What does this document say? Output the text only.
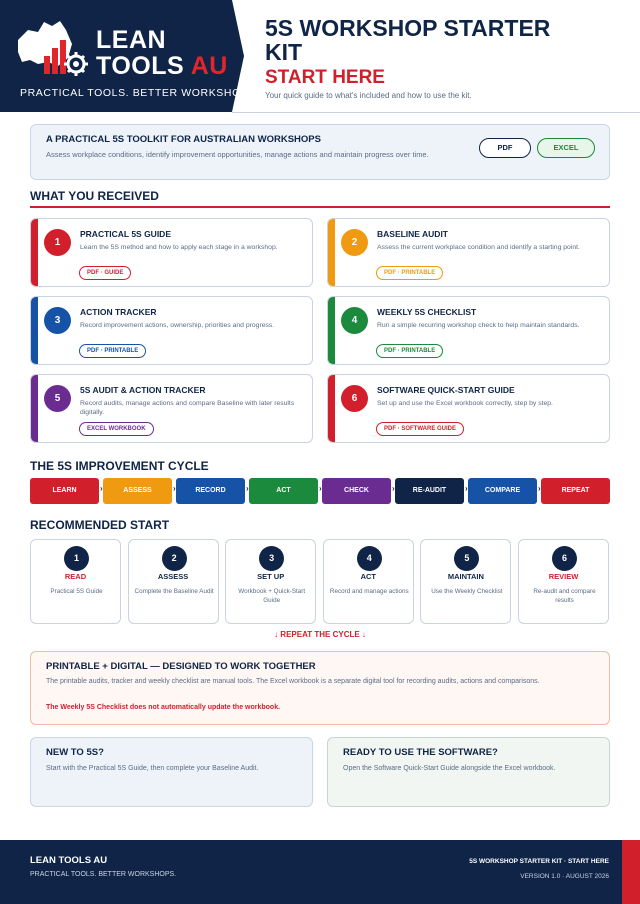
LEAN
TOOLS AU
PRACTICAL TOOLS. BETTER WORKSHOPS.
5S WORKSHOP STARTER KIT
START HERE
Your quick guide to what's included and how to use the kit.
A PRACTICAL 5S TOOLKIT FOR AUSTRALIAN WORKSHOPS
Assess workplace conditions, identify improvement opportunities, manage actions and maintain progress over time.
PDF	EXCEL
WHAT YOU RECEIVED
1
PRACTICAL 5S GUIDE
Learn the 5S method and how to apply each stage in a workshop.
PDF · GUIDE
2
BASELINE AUDIT
Assess the current workplace condition and identify a starting point.
PDF · PRINTABLE
3
ACTION TRACKER
Record improvement actions, ownership, priorities and progress.
PDF · PRINTABLE
4
WEEKLY 5S CHECKLIST
Run a simple recurring workshop check to help maintain standards.
PDF · PRINTABLE
5
5S AUDIT & ACTION TRACKER
Record audits, manage actions and compare Baseline with later results digitally.
EXCEL WORKBOOK
6
SOFTWARE QUICK-START GUIDE
Set up and use the Excel workbook correctly, step by step.
PDF · SOFTWARE GUIDE
THE 5S IMPROVEMENT CYCLE
LEARN	›	ASSESS	›	RECORD	›	ACT	›	CHECK	›	RE-AUDIT	›	COMPARE	›	REPEAT
RECOMMENDED START
1
READ
Practical 5S Guide
2
ASSESS
Complete the Baseline Audit
3
SET UP
Workbook + Quick-Start Guide
4
ACT
Record and manage actions
5
MAINTAIN
Use the Weekly Checklist
6
REVIEW
Re-audit and compare results
↓ REPEAT THE CYCLE ↓
PRINTABLE + DIGITAL — DESIGNED TO WORK TOGETHER
The printable audits, tracker and weekly checklist are manual tools. The Excel workbook is a separate digital tool for recording audits, actions and comparisons.
The Weekly 5S Checklist does not automatically update the workbook.
NEW TO 5S?
Start with the Practical 5S Guide, then complete your Baseline Audit.
READY TO USE THE SOFTWARE?
Open the Software Quick-Start Guide alongside the Excel workbook.
LEAN TOOLS AU
PRACTICAL TOOLS. BETTER WORKSHOPS.
5S WORKSHOP STARTER KIT · START HERE
VERSION 1.0 · AUGUST 2026
